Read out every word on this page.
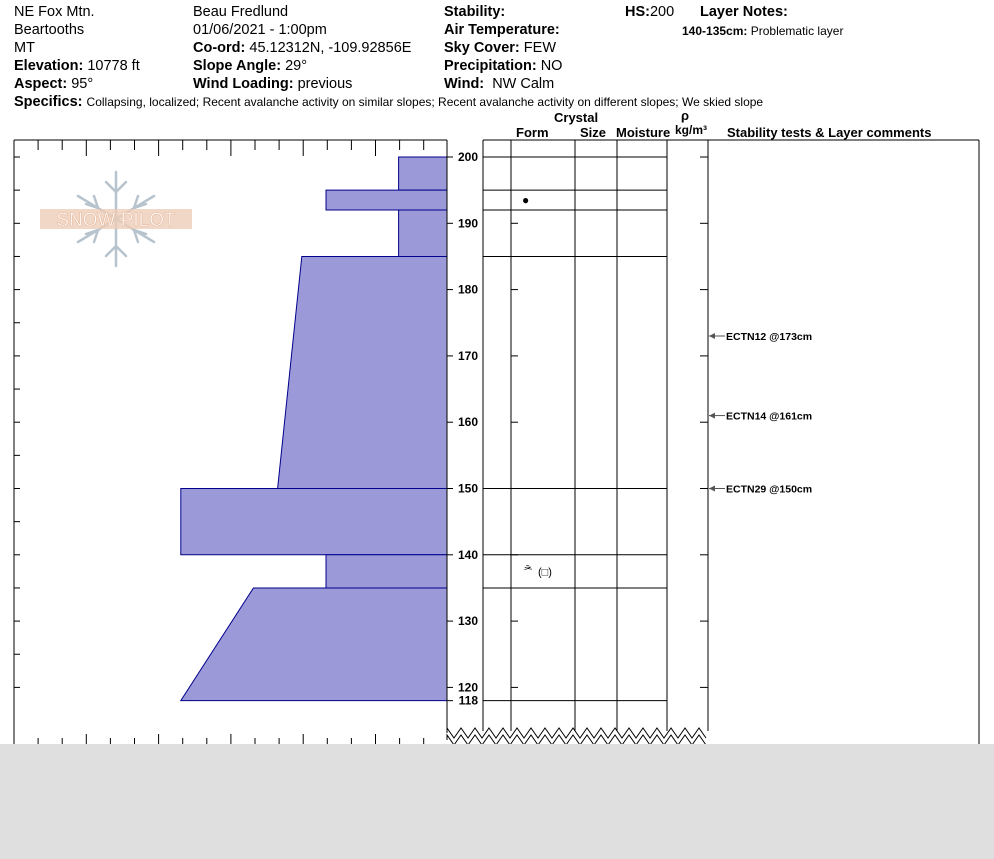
NE Fox Mtn.
Beartooths
MT
Elevation: 10778 ft
Aspect: 95°
Beau Fredlund
01/06/2021 - 1:00pm
Co-ord: 45.12312N, -109.92856E
Slope Angle: 29°
Wind Loading: previous
Stability:
Air Temperature:
Sky Cover: FEW
Precipitation: NO
Wind: NW Calm
HS:200 Layer Notes:
140-135cm: Problematic layer
Specifics: Collapsing, localized; Recent avalanche activity on similar slopes; Recent avalanche activity on different slopes; We skied slope
Crystal
Form Size Moisture
ρ
kg/m³ Stability tests & Layer comments
SNOW PILOT
200
190
180
170
160
150
140
130
120
118
ECTN12 @173cm
ECTN14 @161cm
ECTN29 @150cm
●
ᄎ (□)
